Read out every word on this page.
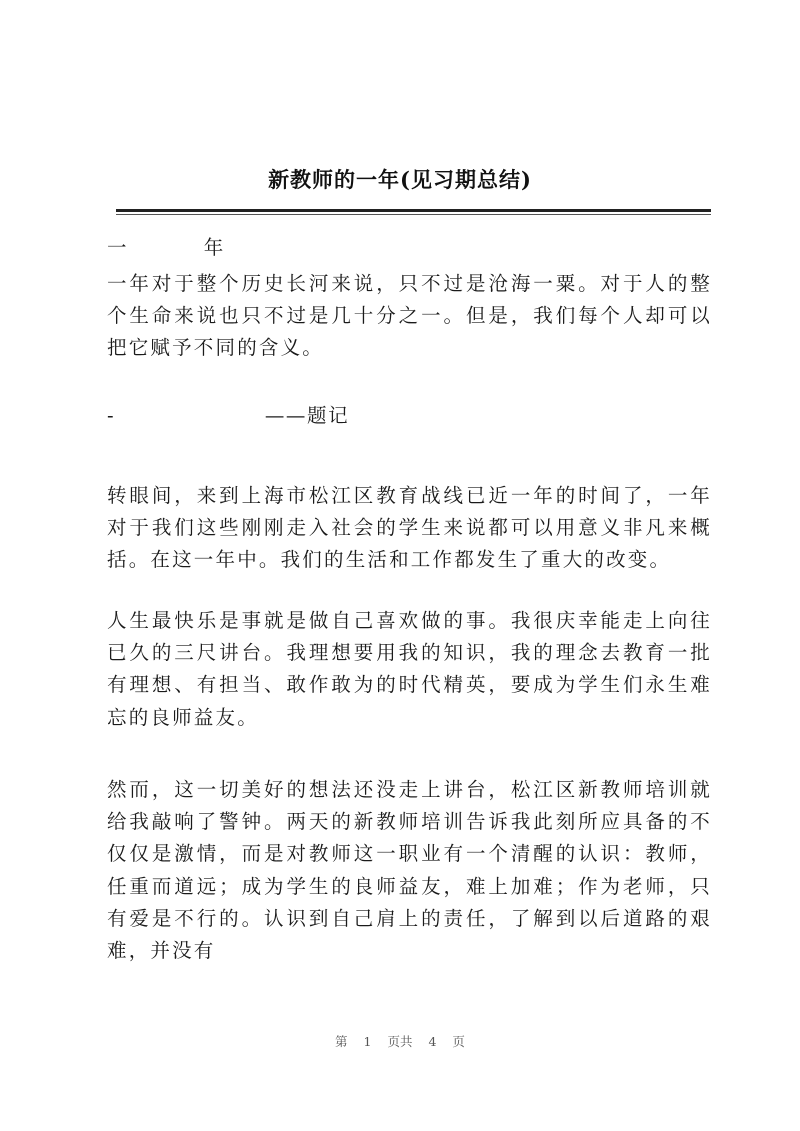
新教师的一年(见习期总结)
一	年
一年对于整个历史长河来说，只不过是沧海一粟。对于人的整个生命来说也只不过是几十分之一。但是，我们每个人却可以把它赋予不同的含义。
-	——题记
转眼间，来到上海市松江区教育战线已近一年的时间了，一年对于我们这些刚刚走入社会的学生来说都可以用意义非凡来概括。在这一年中。我们的生活和工作都发生了重大的改变。
人生最快乐是事就是做自己喜欢做的事。我很庆幸能走上向往已久的三尺讲台。我理想要用我的知识，我的理念去教育一批有理想、有担当、敢作敢为的时代精英，要成为学生们永生难忘的良师益友。
然而，这一切美好的想法还没走上讲台，松江区新教师培训就给我敲响了警钟。两天的新教师培训告诉我此刻所应具备的不仅仅是激情，而是对教师这一职业有一个清醒的认识：教师，任重而道远；成为学生的良师益友，难上加难；作为老师，只有爱是不行的。认识到自己肩上的责任，了解到以后道路的艰难，并没有
第 1 页共 4 页
